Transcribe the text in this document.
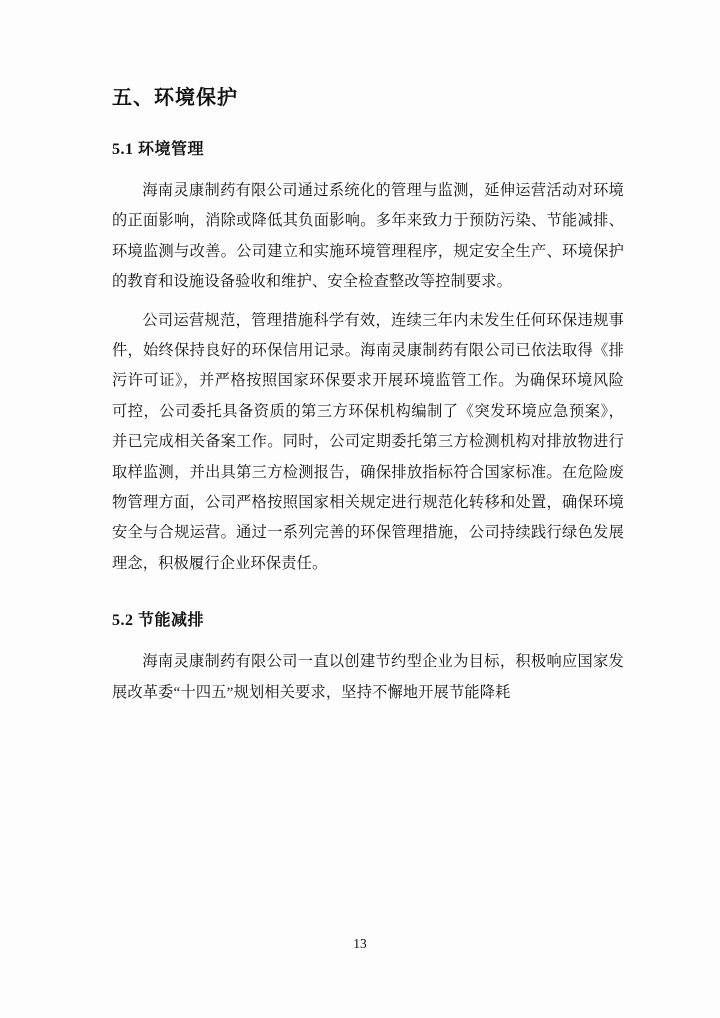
五、环境保护
5.1 环境管理

海南灵康制药有限公司通过系统化的管理与监测，延伸运营活动对环境的正面影响，消除或降低其负面影响。多年来致力于预防污染、节能减排、环境监测与改善。公司建立和实施环境管理程序，规定安全生产、环境保护的教育和设施设备验收和维护、安全检查整改等控制要求。

公司运营规范，管理措施科学有效，连续三年内未发生任何环保违规事件，始终保持良好的环保信用记录。海南灵康制药有限公司已依法取得《排污许可证》，并严格按照国家环保要求开展环境监管工作。为确保环境风险可控，公司委托具备资质的第三方环保机构编制了《突发环境应急预案》，并已完成相关备案工作。同时，公司定期委托第三方检测机构对排放物进行取样监测，并出具第三方检测报告，确保排放指标符合国家标准。在危险废物管理方面，公司严格按照国家相关规定进行规范化转移和处置，确保环境安全与合规运营。通过一系列完善的环保管理措施，公司持续践行绿色发展理念，积极履行企业环保责任。

5.2 节能减排

海南灵康制药有限公司一直以创建节约型企业为目标，积极响应国家发展改革委“十四五”规划相关要求，坚持不懈地开展节能降耗

13
